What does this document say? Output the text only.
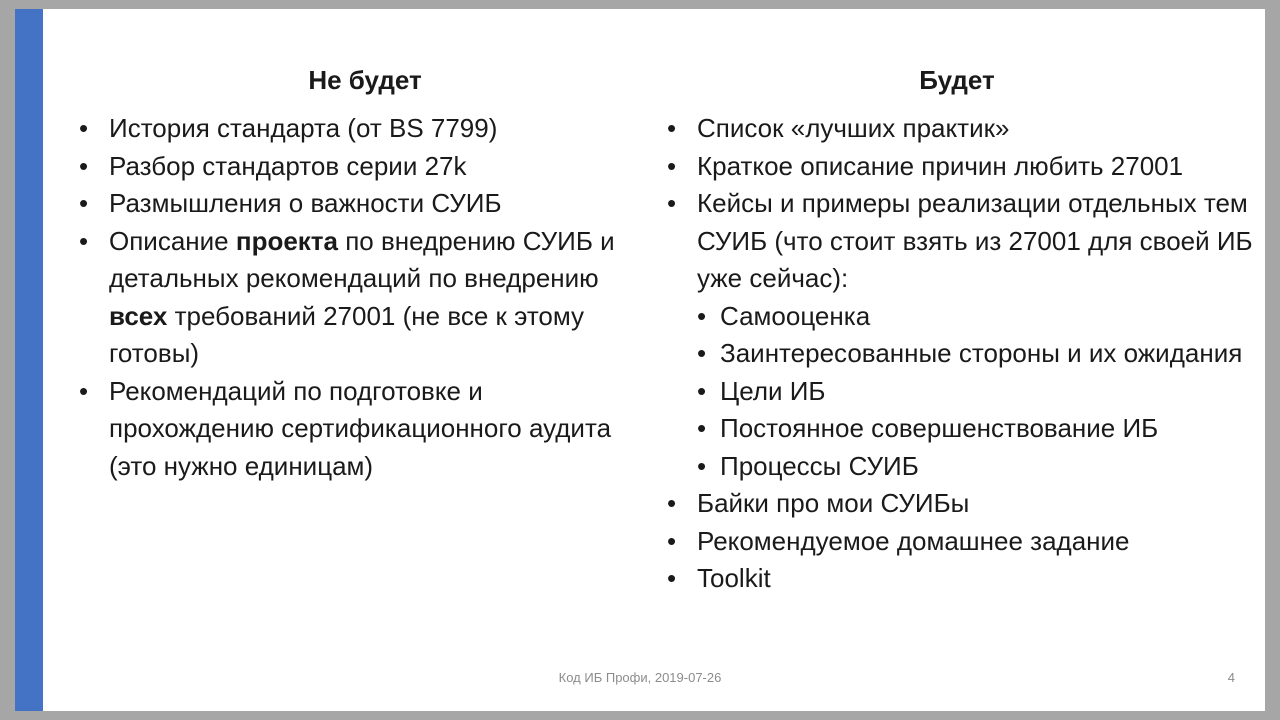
Не будет
• История стандарта (от BS 7799)
• Разбор стандартов серии 27k
• Размышления о важности СУИБ
• Описание проекта по внедрению СУИБ и детальных рекомендаций по внедрению всех требований 27001 (не все к этому готовы)
• Рекомендаций по подготовке и прохождению сертификационного аудита (это нужно единицам)
Будет
• Список «лучших практик»
• Краткое описание причин любить 27001
• Кейсы и примеры реализации отдельных тем СУИБ (что стоит взять из 27001 для своей ИБ уже сейчас):
• Самооценка
• Заинтересованные стороны и их ожидания
• Цели ИБ
• Постоянное совершенствование ИБ
• Процессы СУИБ
• Байки про мои СУИБы
• Рекомендуемое домашнее задание
• Toolkit
Код ИБ Профи, 2019-07-26	4
